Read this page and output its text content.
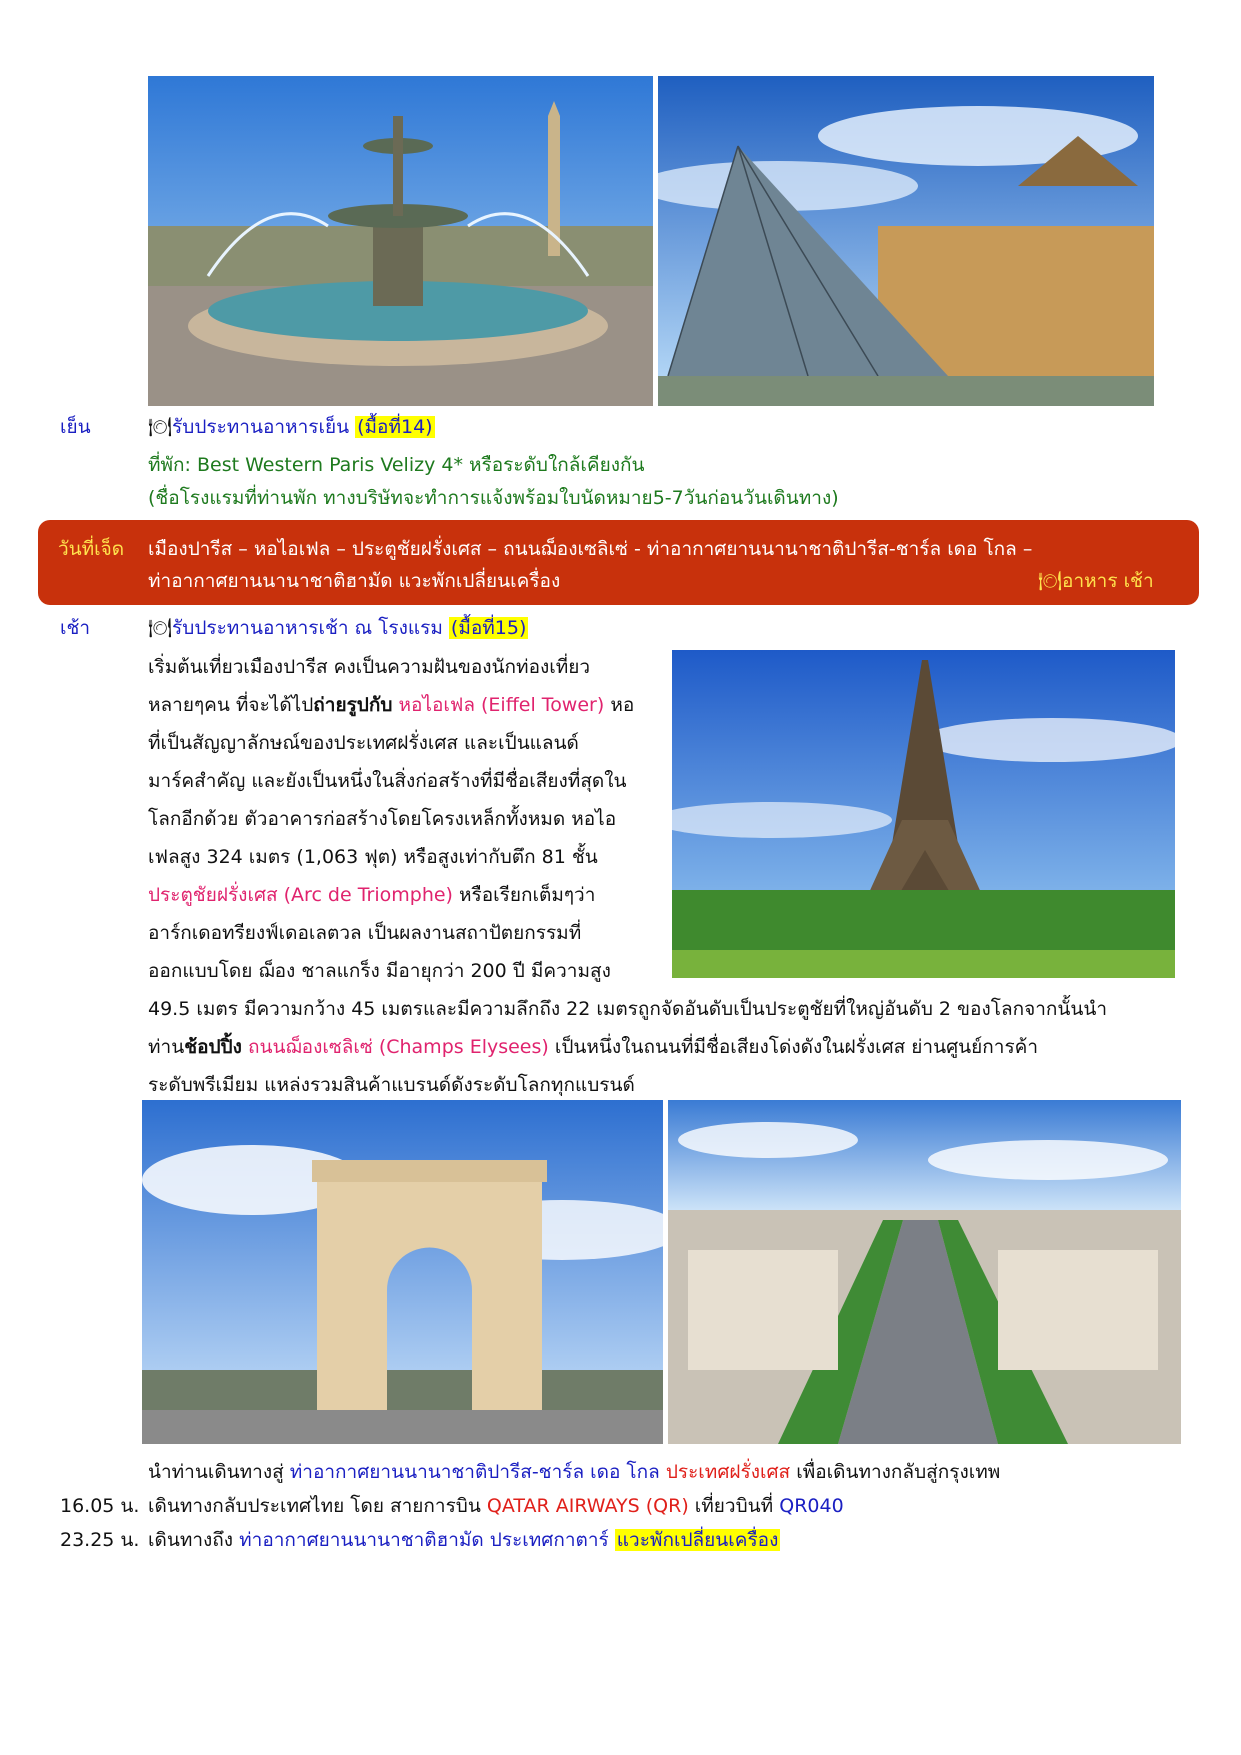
เย็น	🍽 รับประทานอาหารเย็น (มื้อที่14)
ที่พัก: Best Western Paris Velizy 4* หรือระดับใกล้เคียงกัน
(ชื่อโรงแรมที่ท่านพัก ทางบริษัทจะทำการแจ้งพร้อมใบนัดหมาย5-7วันก่อนวันเดินทาง)
วันที่เจ็ด เมืองปารีส – หอไอเฟล – ประตูชัยฝรั่งเศส – ถนนฌ็องเซลิเซ่ - ท่าอากาศยานนานาชาติปารีส-ชาร์ล เดอ โกล –
ท่าอากาศยานนานาชาติฮามัด แวะพักเปลี่ยนเครื่อง	🍽 อาหาร เช้า
เช้า	🍽 รับประทานอาหารเช้า ณ โรงแรม (มื้อที่15)
เริ่มต้นเที่ยวเมืองปารีส คงเป็นความฝันของนักท่องเที่ยว
หลายๆคน ที่จะได้ไปถ่ายรูปกับ หอไอเฟล (Eiffel Tower) หอ
ที่เป็นสัญญาลักษณ์ของประเทศฝรั่งเศส และเป็นแลนด์
มาร์คสำคัญ และยังเป็นหนึ่งในสิ่งก่อสร้างที่มีชื่อเสียงที่สุดใน
โลกอีกด้วย ตัวอาคารก่อสร้างโดยโครงเหล็กทั้งหมด หอไอ
เฟลสูง 324 เมตร (1,063 ฟุต) หรือสูงเท่ากับตึก 81 ชั้น
ประตูชัยฝรั่งเศส (Arc de Triomphe) หรือเรียกเต็มๆว่า
อาร์กเดอทรียงฟ์เดอเลตวล เป็นผลงานสถาปัตยกรรมที่
ออกแบบโดย ฌ็อง ชาลแกร็ง มีอายุกว่า 200 ปี มีความสูง
49.5 เมตร มีความกว้าง 45 เมตรและมีความลึกถึง 22 เมตรถูกจัดอันดับเป็นประตูชัยที่ใหญ่อันดับ 2 ของโลกจากนั้นนำ
ท่านช้อปปิ้ง ถนนฌ็องเซลิเซ่ (Champs Elysees) เป็นหนึ่งในถนนที่มีชื่อเสียงโด่งดังในฝรั่งเศส ย่านศูนย์การค้า
ระดับพรีเมียม แหล่งรวมสินค้าแบรนด์ดังระดับโลกทุกแบรนด์
นำท่านเดินทางสู่ ท่าอากาศยานนานาชาติปารีส-ชาร์ล เดอ โกล ประเทศฝรั่งเศส เพื่อเดินทางกลับสู่กรุงเทพ
16.05 น. เดินทางกลับประเทศไทย โดย สายการบิน QATAR AIRWAYS (QR) เที่ยวบินที่ QR040
23.25 น. เดินทางถึง ท่าอากาศยานนานาชาติฮามัด ประเทศกาตาร์ แวะพักเปลี่ยนเครื่อง
